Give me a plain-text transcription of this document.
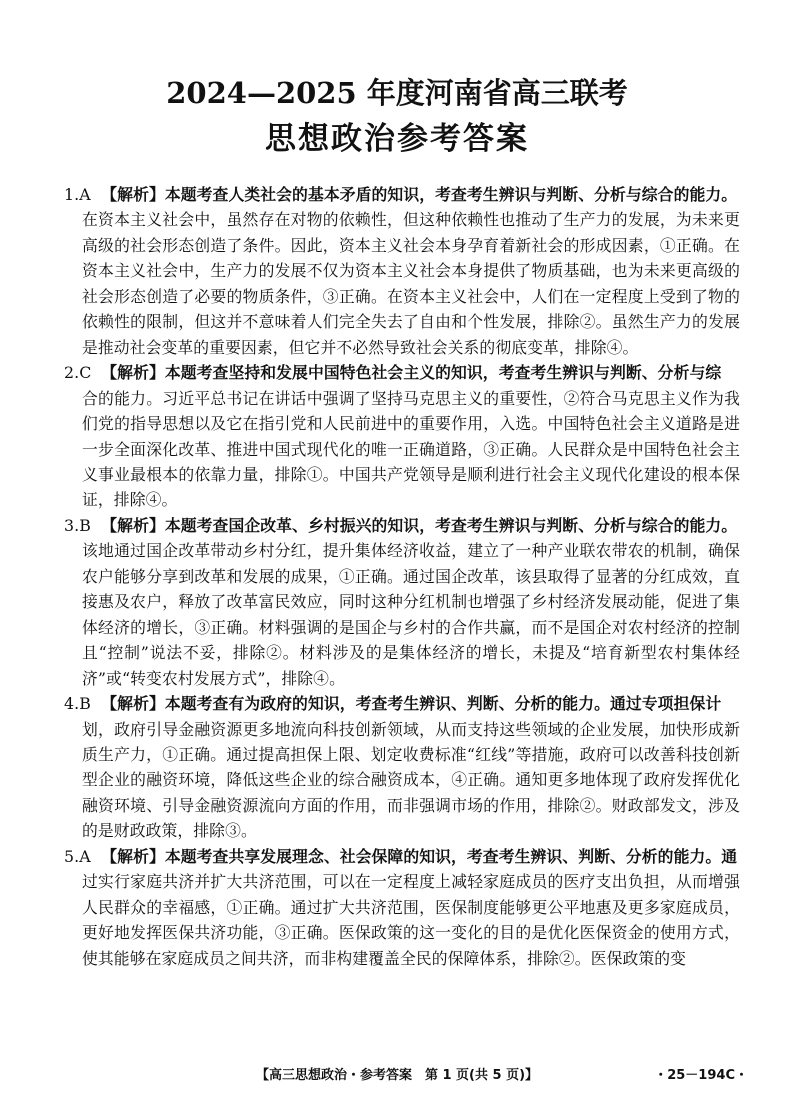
2024—2025 年度河南省高三联考
思想政治参考答案
1.A 【解析】本题考查人类社会的基本矛盾的知识，考查考生辨识与判断、分析与综合的能力。
在资本主义社会中，虽然存在对物的依赖性，但这种依赖性也推动了生产力的发展，为未来更高级的社会形态创造了条件。因此，资本主义社会本身孕育着新社会的形成因素，①正确。在资本主义社会中，生产力的发展不仅为资本主义社会本身提供了物质基础，也为未来更高级的社会形态创造了必要的物质条件，③正确。在资本主义社会中，人们在一定程度上受到了物的依赖性的限制，但这并不意味着人们完全失去了自由和个性发展，排除②。虽然生产力的发展是推动社会变革的重要因素，但它并不必然导致社会关系的彻底变革，排除④。
2.C 【解析】本题考查坚持和发展中国特色社会主义的知识，考查考生辨识与判断、分析与综
合的能力。习近平总书记在讲话中强调了坚持马克思主义的重要性，②符合马克思主义作为我们党的指导思想以及它在指引党和人民前进中的重要作用，入选。中国特色社会主义道路是进一步全面深化改革、推进中国式现代化的唯一正确道路，③正确。人民群众是中国特色社会主义事业最根本的依靠力量，排除①。中国共产党领导是顺利进行社会主义现代化建设的根本保证，排除④。
3.B 【解析】本题考查国企改革、乡村振兴的知识，考查考生辨识与判断、分析与综合的能力。
该地通过国企改革带动乡村分红，提升集体经济收益，建立了一种产业联农带农的机制，确保农户能够分享到改革和发展的成果，①正确。通过国企改革，该县取得了显著的分红成效，直接惠及农户，释放了改革富民效应，同时这种分红机制也增强了乡村经济发展动能，促进了集体经济的增长，③正确。材料强调的是国企与乡村的合作共赢，而不是国企对农村经济的控制且“控制”说法不妥，排除②。材料涉及的是集体经济的增长，未提及“培育新型农村集体经济”或“转变农村发展方式”，排除④。
4.B 【解析】本题考查有为政府的知识，考查考生辨识、判断、分析的能力。通过专项担保计
划，政府引导金融资源更多地流向科技创新领域，从而支持这些领域的企业发展，加快形成新质生产力，①正确。通过提高担保上限、划定收费标准“红线”等措施，政府可以改善科技创新型企业的融资环境，降低这些企业的综合融资成本，④正确。通知更多地体现了政府发挥优化融资环境、引导金融资源流向方面的作用，而非强调市场的作用，排除②。财政部发文，涉及的是财政政策，排除③。
5.A 【解析】本题考查共享发展理念、社会保障的知识，考查考生辨识、判断、分析的能力。通
过实行家庭共济并扩大共济范围，可以在一定程度上减轻家庭成员的医疗支出负担，从而增强人民群众的幸福感，①正确。通过扩大共济范围，医保制度能够更公平地惠及更多家庭成员，更好地发挥医保共济功能，③正确。医保政策的这一变化的目的是优化医保资金的使用方式，使其能够在家庭成员之间共济，而非构建覆盖全民的保障体系，排除②。医保政策的变
【高三思想政治・参考答案　第 1 页(共 5 页)】	・25－194C・
